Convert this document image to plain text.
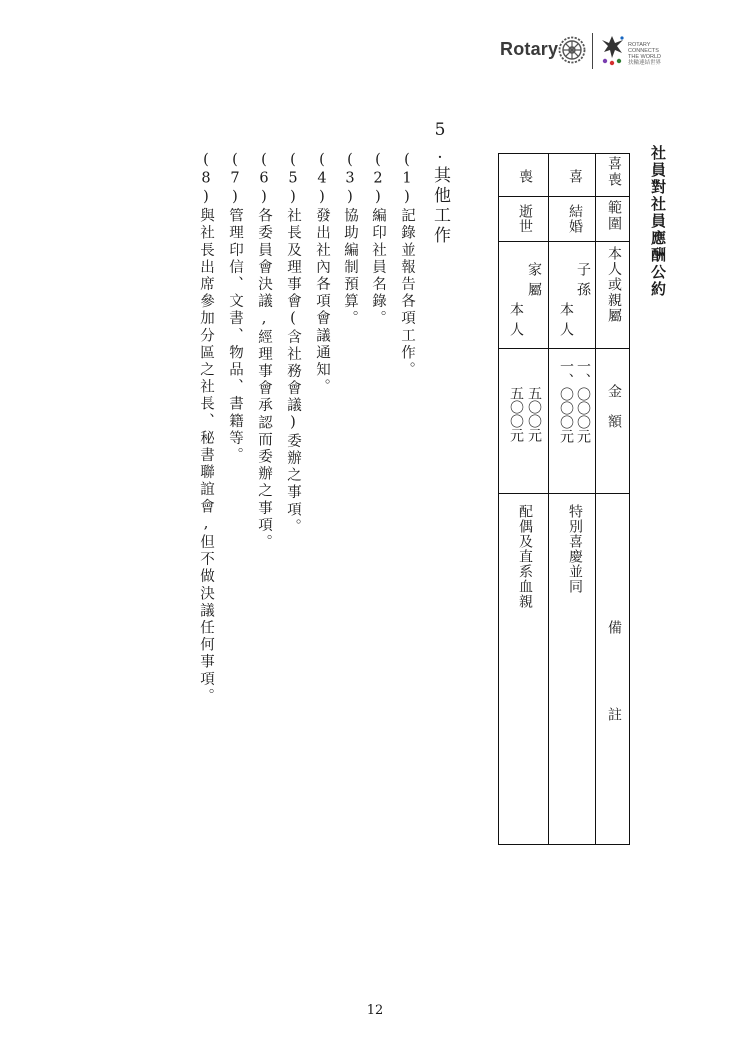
Rotary	ROTARY
CONNECTS
THE WORLD
扶輪連結世界
社員對社員應酬公約
喜喪
範圍
本人或親屬
金額
備
註
喜
結婚
子孫
本人
一、〇〇〇元
一、〇〇〇元
特別喜慶並同
喪
逝世
家屬
本人
五〇〇元
五〇〇元
配偶及直系血親
5.其他工作
(1)記錄並報告各項工作。
(2)編印社員名錄。
(3)協助編制預算。
(4)發出社內各項會議通知。
(5)社長及理事會(含社務會議)委辦之事項。
(6)各委員會決議,經理事會承認而委辦之事項。
(7)管理印信、文書、物品、書籍等。
(8)與社長出席參加分區之社長、秘書聯誼會,但不做決議任何事項。
12
